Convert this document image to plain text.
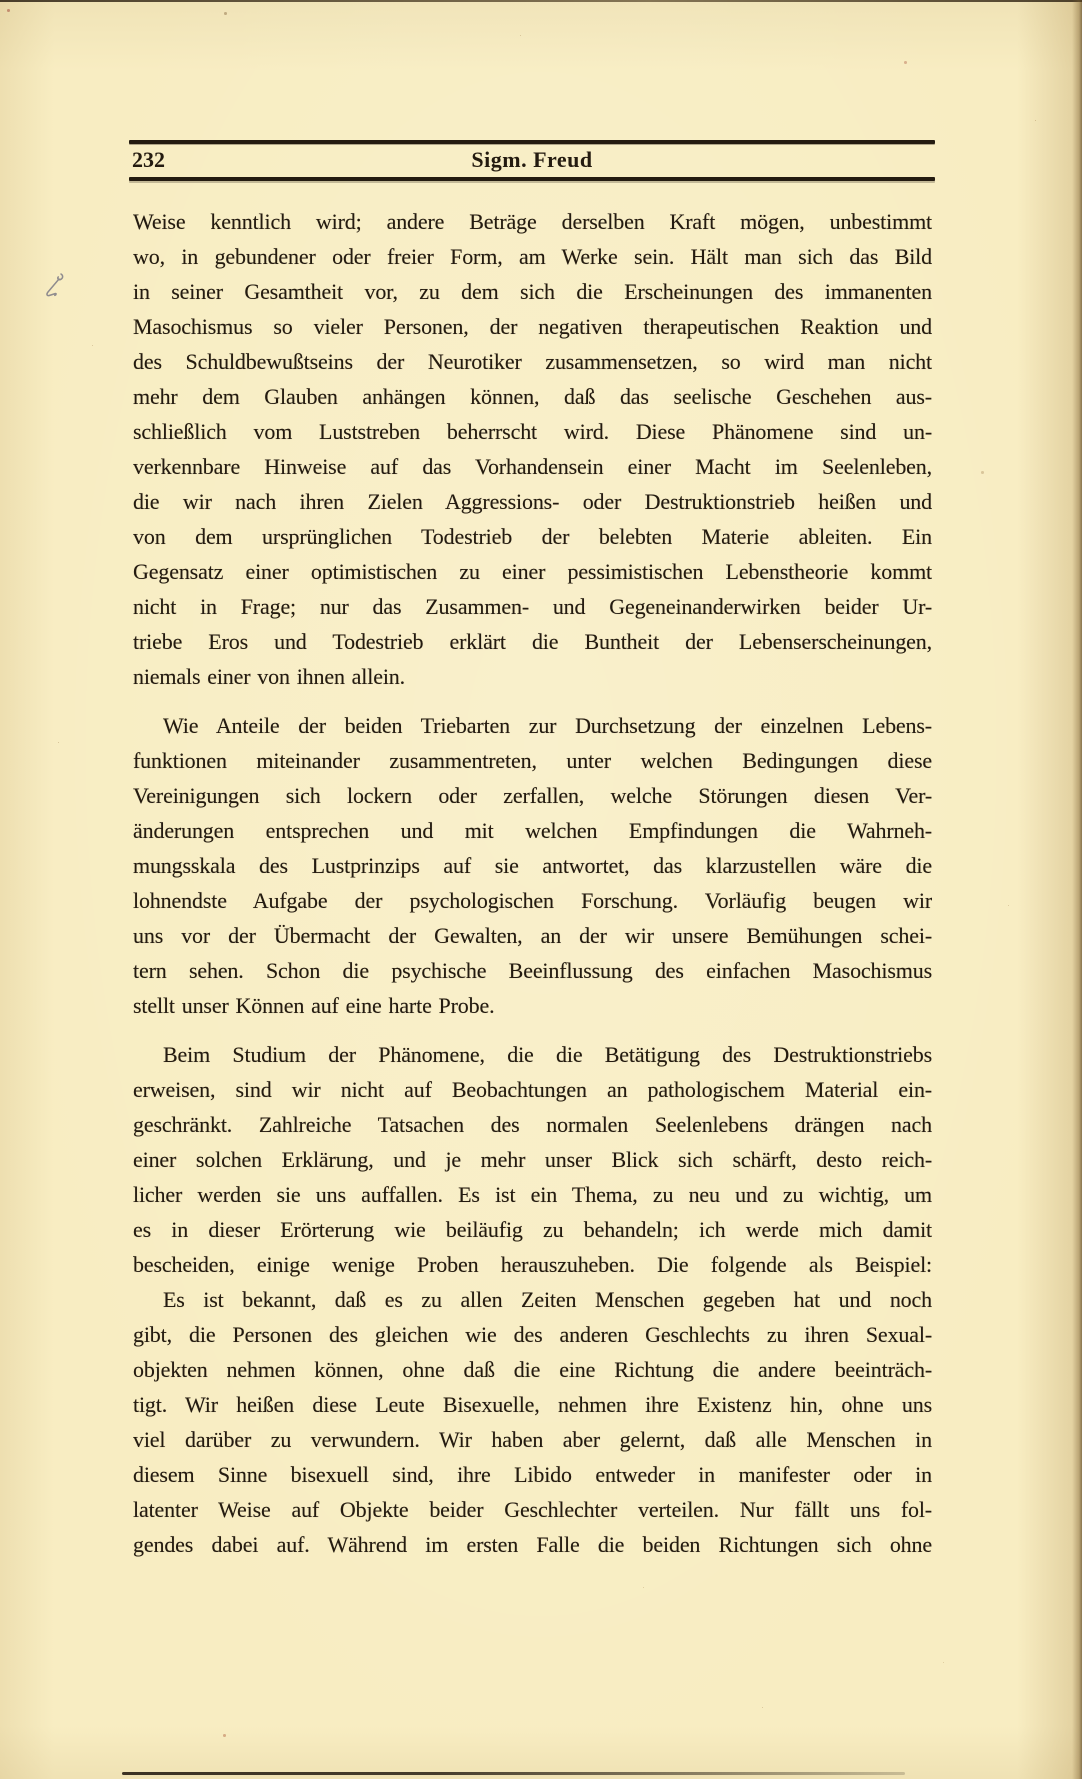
232	Sigm. Freud
Weise kenntlich wird; andere Beträge derselben Kraft mögen, unbestimmt
wo, in gebundener oder freier Form, am Werke sein. Hält man sich das Bild
in seiner Gesamtheit vor, zu dem sich die Erscheinungen des immanenten
Masochismus so vieler Personen, der negativen therapeutischen Reaktion und
des Schuldbewußtseins der Neurotiker zusammensetzen, so wird man nicht
mehr dem Glauben anhängen können, daß das seelische Geschehen aus-
schließlich vom Luststreben beherrscht wird. Diese Phänomene sind un-
verkennbare Hinweise auf das Vorhandensein einer Macht im Seelenleben,
die wir nach ihren Zielen Aggressions- oder Destruktionstrieb heißen und
von dem ursprünglichen Todestrieb der belebten Materie ableiten. Ein
Gegensatz einer optimistischen zu einer pessimistischen Lebenstheorie kommt
nicht in Frage; nur das Zusammen- und Gegeneinanderwirken beider Ur-
triebe Eros und Todestrieb erklärt die Buntheit der Lebenserscheinungen,
niemals einer von ihnen allein.
Wie Anteile der beiden Triebarten zur Durchsetzung der einzelnen Lebens-
funktionen miteinander zusammentreten, unter welchen Bedingungen diese
Vereinigungen sich lockern oder zerfallen, welche Störungen diesen Ver-
änderungen entsprechen und mit welchen Empfindungen die Wahrneh-
mungsskala des Lustprinzips auf sie antwortet, das klarzustellen wäre die
lohnendste Aufgabe der psychologischen Forschung. Vorläufig beugen wir
uns vor der Übermacht der Gewalten, an der wir unsere Bemühungen schei-
tern sehen. Schon die psychische Beeinflussung des einfachen Masochismus
stellt unser Können auf eine harte Probe.
Beim Studium der Phänomene, die die Betätigung des Destruktionstriebs
erweisen, sind wir nicht auf Beobachtungen an pathologischem Material ein-
geschränkt. Zahlreiche Tatsachen des normalen Seelenlebens drängen nach
einer solchen Erklärung, und je mehr unser Blick sich schärft, desto reich-
licher werden sie uns auffallen. Es ist ein Thema, zu neu und zu wichtig, um
es in dieser Erörterung wie beiläufig zu behandeln; ich werde mich damit
bescheiden, einige wenige Proben herauszuheben. Die folgende als Beispiel:
Es ist bekannt, daß es zu allen Zeiten Menschen gegeben hat und noch
gibt, die Personen des gleichen wie des anderen Geschlechts zu ihren Sexual-
objekten nehmen können, ohne daß die eine Richtung die andere beeinträch-
tigt. Wir heißen diese Leute Bisexuelle, nehmen ihre Existenz hin, ohne uns
viel darüber zu verwundern. Wir haben aber gelernt, daß alle Menschen in
diesem Sinne bisexuell sind, ihre Libido entweder in manifester oder in
latenter Weise auf Objekte beider Geschlechter verteilen. Nur fällt uns fol-
gendes dabei auf. Während im ersten Falle die beiden Richtungen sich ohne
